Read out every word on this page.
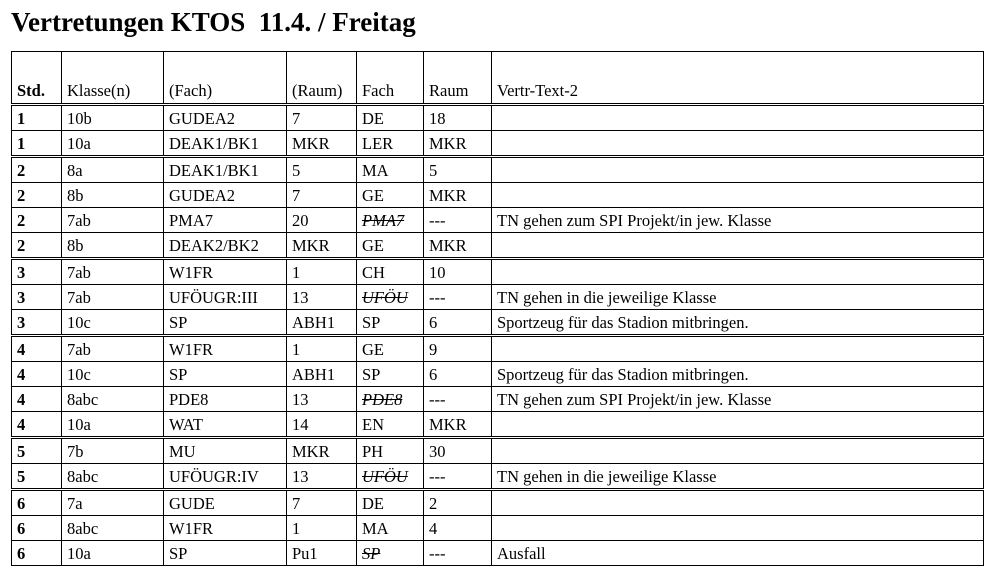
Vertretungen KTOS  11.4. / Freitag
Std.	Klasse(n)	(Fach)	(Raum)	Fach	Raum	Vertr-Text-2
1	10b	GUDEA2	7	DE	18	
1	10a	DEAK1/BK1	MKR	LER	MKR	
2	8a	DEAK1/BK1	5	MA	5	
2	8b	GUDEA2	7	GE	MKR	
2	7ab	PMA7	20	PMA7	---	TN gehen zum SPI Projekt/in jew. Klasse
2	8b	DEAK2/BK2	MKR	GE	MKR	
3	7ab	W1FR	1	CH	10	
3	7ab	UFÖUGR:III	13	UFÖU	---	TN gehen in die jeweilige Klasse
3	10c	SP	ABH1	SP	6	Sportzeug für das Stadion mitbringen.
4	7ab	W1FR	1	GE	9	
4	10c	SP	ABH1	SP	6	Sportzeug für das Stadion mitbringen.
4	8abc	PDE8	13	PDE8	---	TN gehen zum SPI Projekt/in jew. Klasse
4	10a	WAT	14	EN	MKR	
5	7b	MU	MKR	PH	30	
5	8abc	UFÖUGR:IV	13	UFÖU	---	TN gehen in die jeweilige Klasse
6	7a	GUDE	7	DE	2	
6	8abc	W1FR	1	MA	4	
6	10a	SP	Pu1	SP	---	Ausfall
